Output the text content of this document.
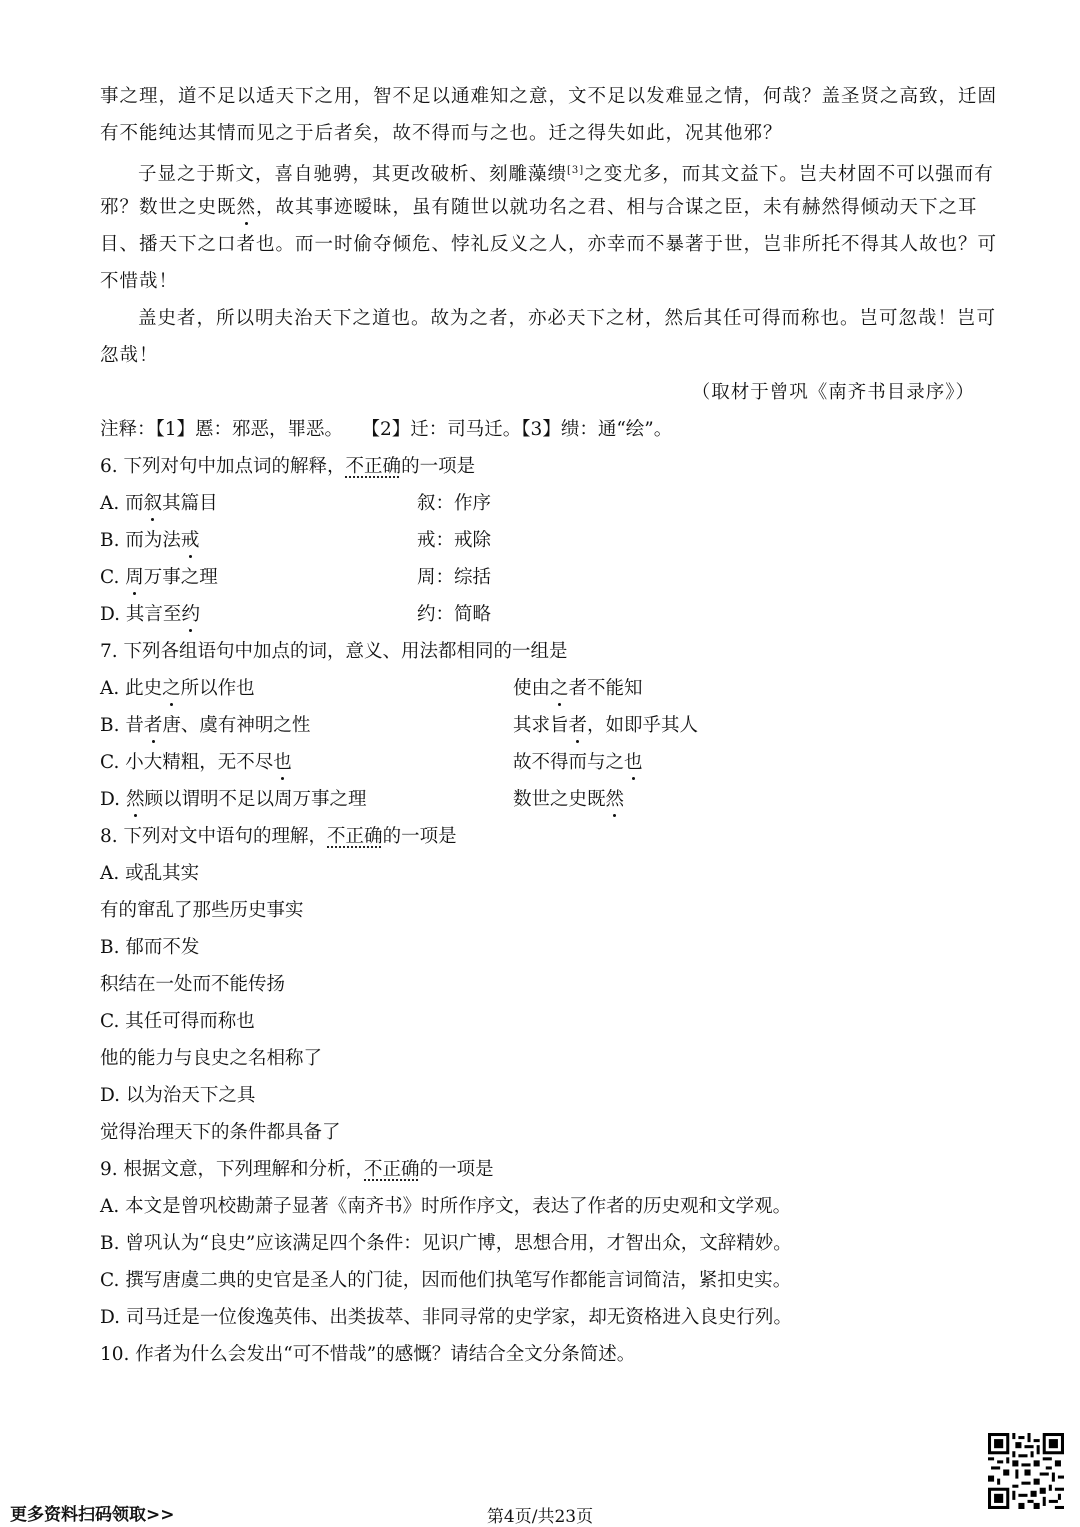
事之理，道不足以适天下之用，智不足以通难知之意，文不足以发难显之情，何哉？盖圣贤之高致，迁固
有不能纯达其情而见之于后者矣，故不得而与之也。迁之得失如此，况其他邪？
子显之于斯文，喜自驰骋，其更改破析、刻雕藻缋[3]之变尤多，而其文益下。岂夫材固不可以强而有
邪？数世之史既然，故其事迹暧昧，虽有随世以就功名之君、相与合谋之臣，未有赫然得倾动天下之耳
目、播天下之口者也。而一时偷夺倾危、悖礼反义之人，亦幸而不暴著于世，岂非所托不得其人故也？可
不惜哉！
盖史者，所以明夫治天下之道也。故为之者，亦必天下之材，然后其任可得而称也。岂可忽哉！岂可
忽哉！
（取材于曾巩《南齐书目录序》）
注释：【1】慝：邪恶，罪恶。　　【2】迁：司马迁。【3】缋：通“绘”。
6. 下列对句中加点词的解释，不正确的一项是
A. 而叙其篇目	叙：作序
B. 而为法戒	戒：戒除
C. 周万事之理	周：综括
D. 其言至约	约：简略
7. 下列各组语句中加点的词，意义、用法都相同的一组是
A. 此史之所以作也	使由之者不能知
B. 昔者唐、虞有神明之性	其求旨者，如即乎其人
C. 小大精粗，无不尽也	故不得而与之也
D. 然顾以谓明不足以周万事之理	数世之史既然
8. 下列对文中语句的理解，不正确的一项是
A. 或乱其实
有的窜乱了那些历史事实
B. 郁而不发
积结在一处而不能传扬
C. 其任可得而称也
他的能力与良史之名相称了
D. 以为治天下之具
觉得治理天下的条件都具备了
9. 根据文意，下列理解和分析，不正确的一项是
A. 本文是曾巩校勘萧子显著《南齐书》时所作序文，表达了作者的历史观和文学观。
B. 曾巩认为“良史”应该满足四个条件：见识广博，思想合用，才智出众，文辞精妙。
C. 撰写唐虞二典的史官是圣人的门徒，因而他们执笔写作都能言词简洁，紧扣史实。
D. 司马迁是一位俊逸英伟、出类拔萃、非同寻常的史学家，却无资格进入良史行列。
10. 作者为什么会发出“可不惜哉”的感慨？请结合全文分条简述。
更多资料扫码领取>>	第4页/共23页
